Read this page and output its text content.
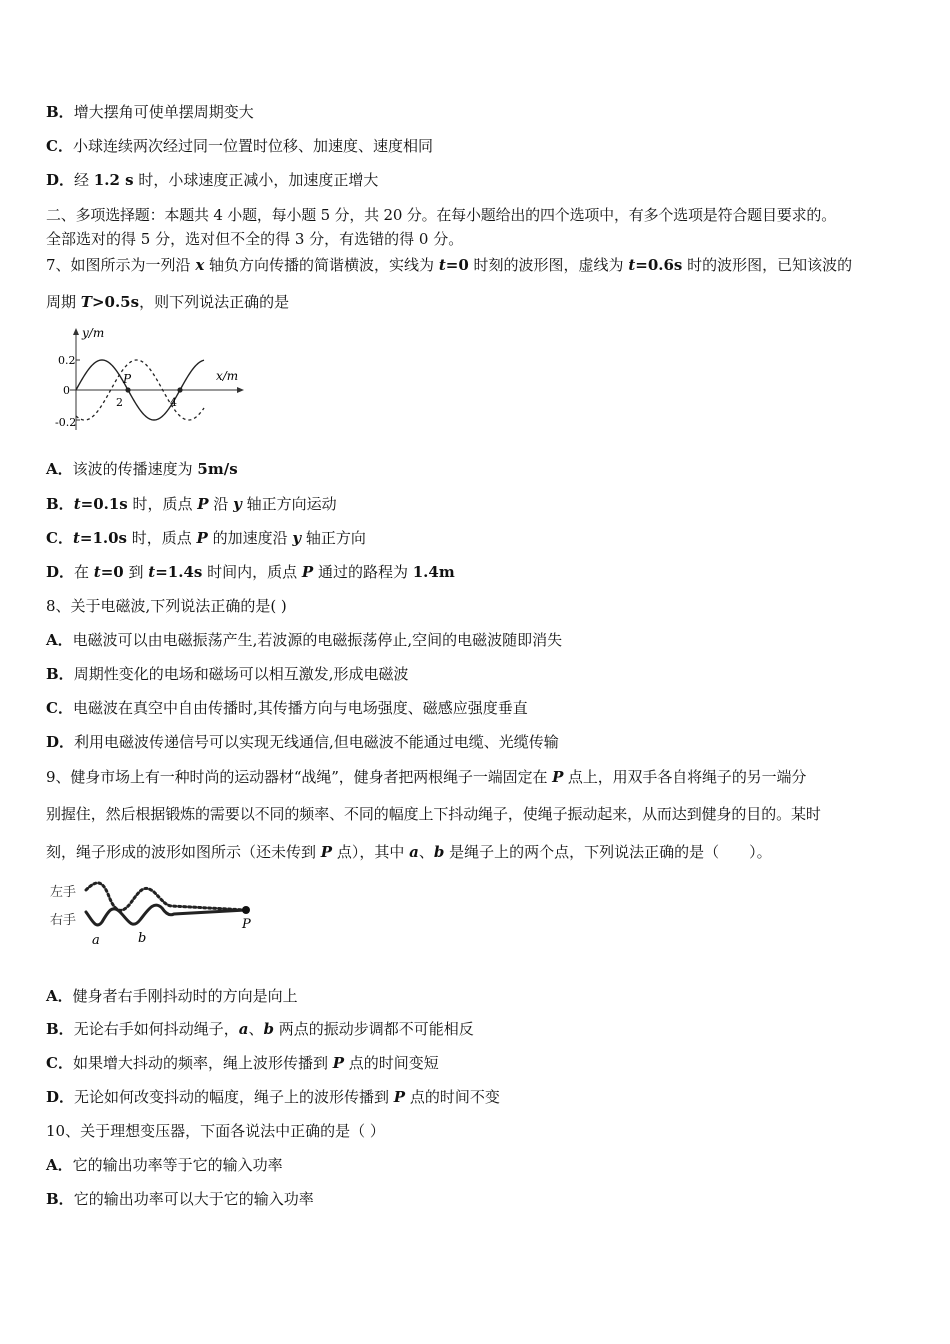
B．增大摆角可使单摆周期变大
C．小球连续两次经过同一位置时位移、加速度、速度相同
D．经 1.2 s 时，小球速度正减小，加速度正增大
二、多项选择题：本题共 4 小题，每小题 5 分，共 20 分。在每小题给出的四个选项中，有多个选项是符合题目要求的。
全部选对的得 5 分，选对但不全的得 3 分，有选错的得 0 分。
7、如图所示为一列沿 x 轴负方向传播的简谐横波，实线为 t=0 时刻的波形图，虚线为 t=0.6s 时的波形图，已知该波的
周期 T>0.5s，则下列说法正确的是
y/m
x/m
0.2
0
-0.2
P
2	4
A．该波的传播速度为 5m/s
B．t=0.1s 时，质点 P 沿 y 轴正方向运动
C．t=1.0s 时，质点 P 的加速度沿 y 轴正方向
D．在 t=0 到 t=1.4s 时间内，质点 P 通过的路程为 1.4m
8、关于电磁波,下列说法正确的是( )
A．电磁波可以由电磁振荡产生,若波源的电磁振荡停止,空间的电磁波随即消失
B．周期性变化的电场和磁场可以相互激发,形成电磁波
C．电磁波在真空中自由传播时,其传播方向与电场强度、磁感应强度垂直
D．利用电磁波传递信号可以实现无线通信,但电磁波不能通过电缆、光缆传输
9、健身市场上有一种时尚的运动器材“战绳”，健身者把两根绳子一端固定在 P 点上，用双手各自将绳子的另一端分
别握住，然后根据锻炼的需要以不同的频率、不同的幅度上下抖动绳子，使绳子振动起来，从而达到健身的目的。某时
刻，绳子形成的波形如图所示（还未传到 P 点），其中 a、b 是绳子上的两个点，下列说法正确的是（　　）。
左手
右手	P
a	b
A．健身者右手刚抖动时的方向是向上
B．无论右手如何抖动绳子，a、b 两点的振动步调都不可能相反
C．如果增大抖动的频率，绳上波形传播到 P 点的时间变短
D．无论如何改变抖动的幅度，绳子上的波形传播到 P 点的时间不变
10、关于理想变压器，下面各说法中正确的是（ ）
A．它的输出功率等于它的输入功率
B．它的输出功率可以大于它的输入功率
